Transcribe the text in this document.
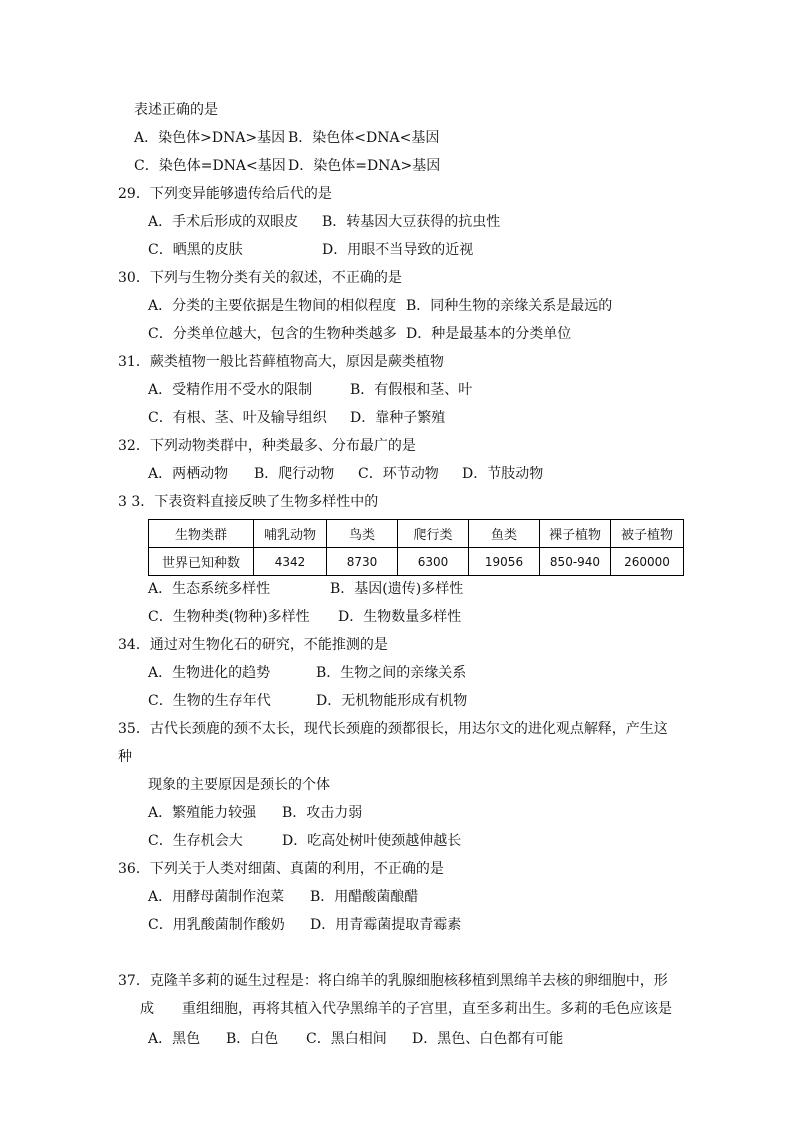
表述正确的是
A．染色体>DNA>基因 B．染色体<DNA<基因
C．染色体=DNA<基因 D．染色体=DNA>基因
29．下列变异能够遗传给后代的是
A．手术后形成的双眼皮 B．转基因大豆获得的抗虫性
C．晒黑的皮肤	D．用眼不当导致的近视
30．下列与生物分类有关的叙述，不正确的是
A．分类的主要依据是生物间的相似程度 B．同种生物的亲缘关系是最远的
C．分类单位越大，包含的生物种类越多 D．种是最基本的分类单位
31．蕨类植物一般比苔藓植物高大，原因是蕨类植物
A．受精作用不受水的限制	B．有假根和茎、叶
C．有根、茎、叶及输导组织 D．靠种子繁殖
32．下列动物类群中，种类最多、分布最广的是
A．两栖动物 B．爬行动物 C．环节动物 D．节肢动物
3 3．下表资料直接反映了生物多样性中的
生物类群	哺乳动物	鸟类	爬行类	鱼类	裸子植物	被子植物
世界已知种数	4342	8730	6300	19056	850-940	260000
A．生态系统多样性	B．基因(遗传)多样性
C．生物种类(物种)多样性 D．生物数量多样性
34．通过对生物化石的研究，不能推测的是
A．生物进化的趋势	B．生物之间的亲缘关系
C．生物的生存年代	D．无机物能形成有机物
35．古代长颈鹿的颈不太长，现代长颈鹿的颈都很长，用达尔文的进化观点解释，产生这
种
现象的主要原因是颈长的个体
A．繁殖能力较强 B．攻击力弱
C．生存机会大	D．吃高处树叶使颈越伸越长
36．下列关于人类对细菌、真菌的利用，不正确的是
A．用酵母菌制作泡菜 B．用醋酸菌酿醋
C．用乳酸菌制作酸奶 D．用青霉菌提取青霉素
37．克隆羊多莉的诞生过程是：将白绵羊的乳腺细胞核移植到黑绵羊去核的卵细胞中，形
成　　重组细胞，再将其植入代孕黑绵羊的子宫里，直至多莉出生。多莉的毛色应该是
A．黑色 B．白色 C．黑白相间 D．黑色、白色都有可能
